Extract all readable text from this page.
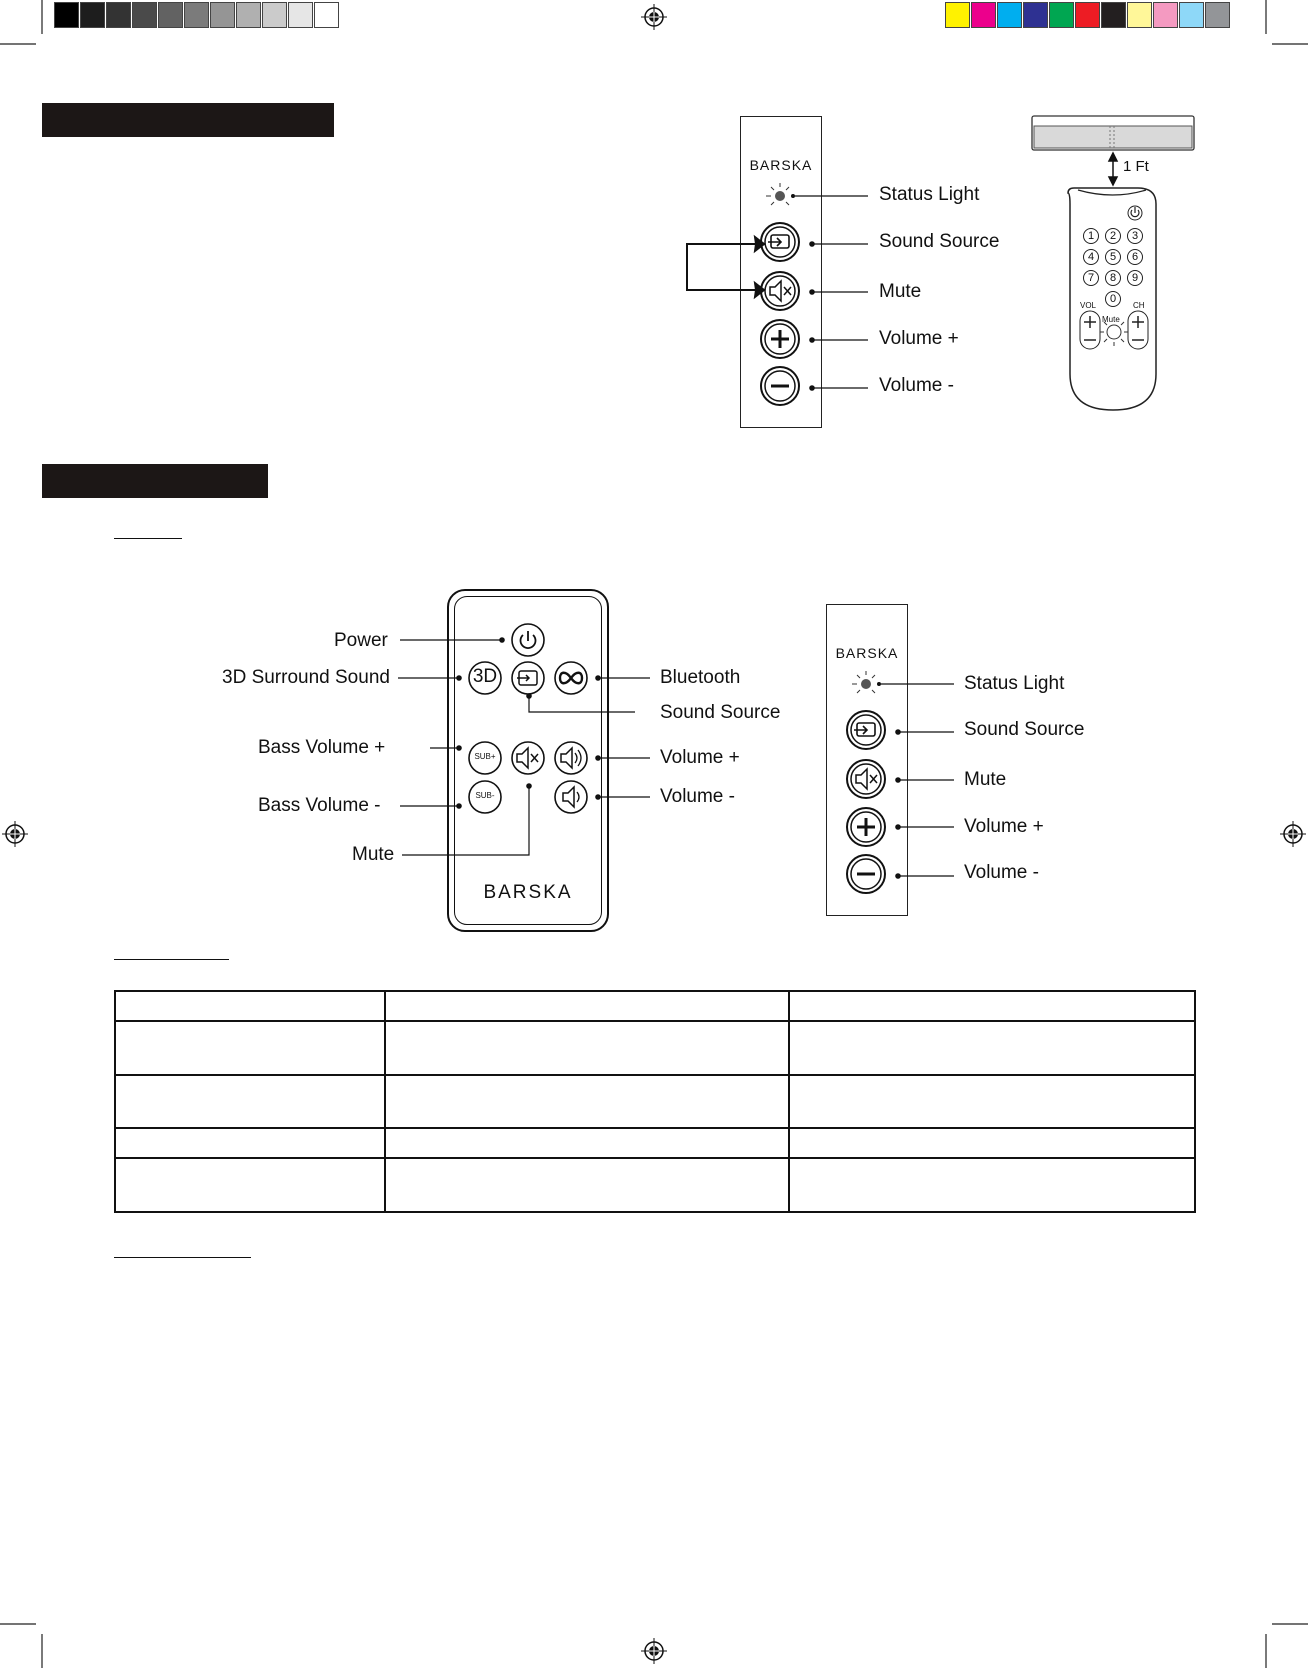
BARSKA
Status Light
Sound Source
Mute
Volume +
Volume -
1 Ft
1	2	3
4	5	6
7	8	9
0
VOL	CH
Mute
3D
SUB+
SUB-
BARSKA
Power
3D Surround Sound
Bass Volume +
Bass Volume -
Mute
Bluetooth
Sound Source
Volume +
Volume -
BARSKA
Status Light
Sound Source
Mute
Volume +
Volume -
